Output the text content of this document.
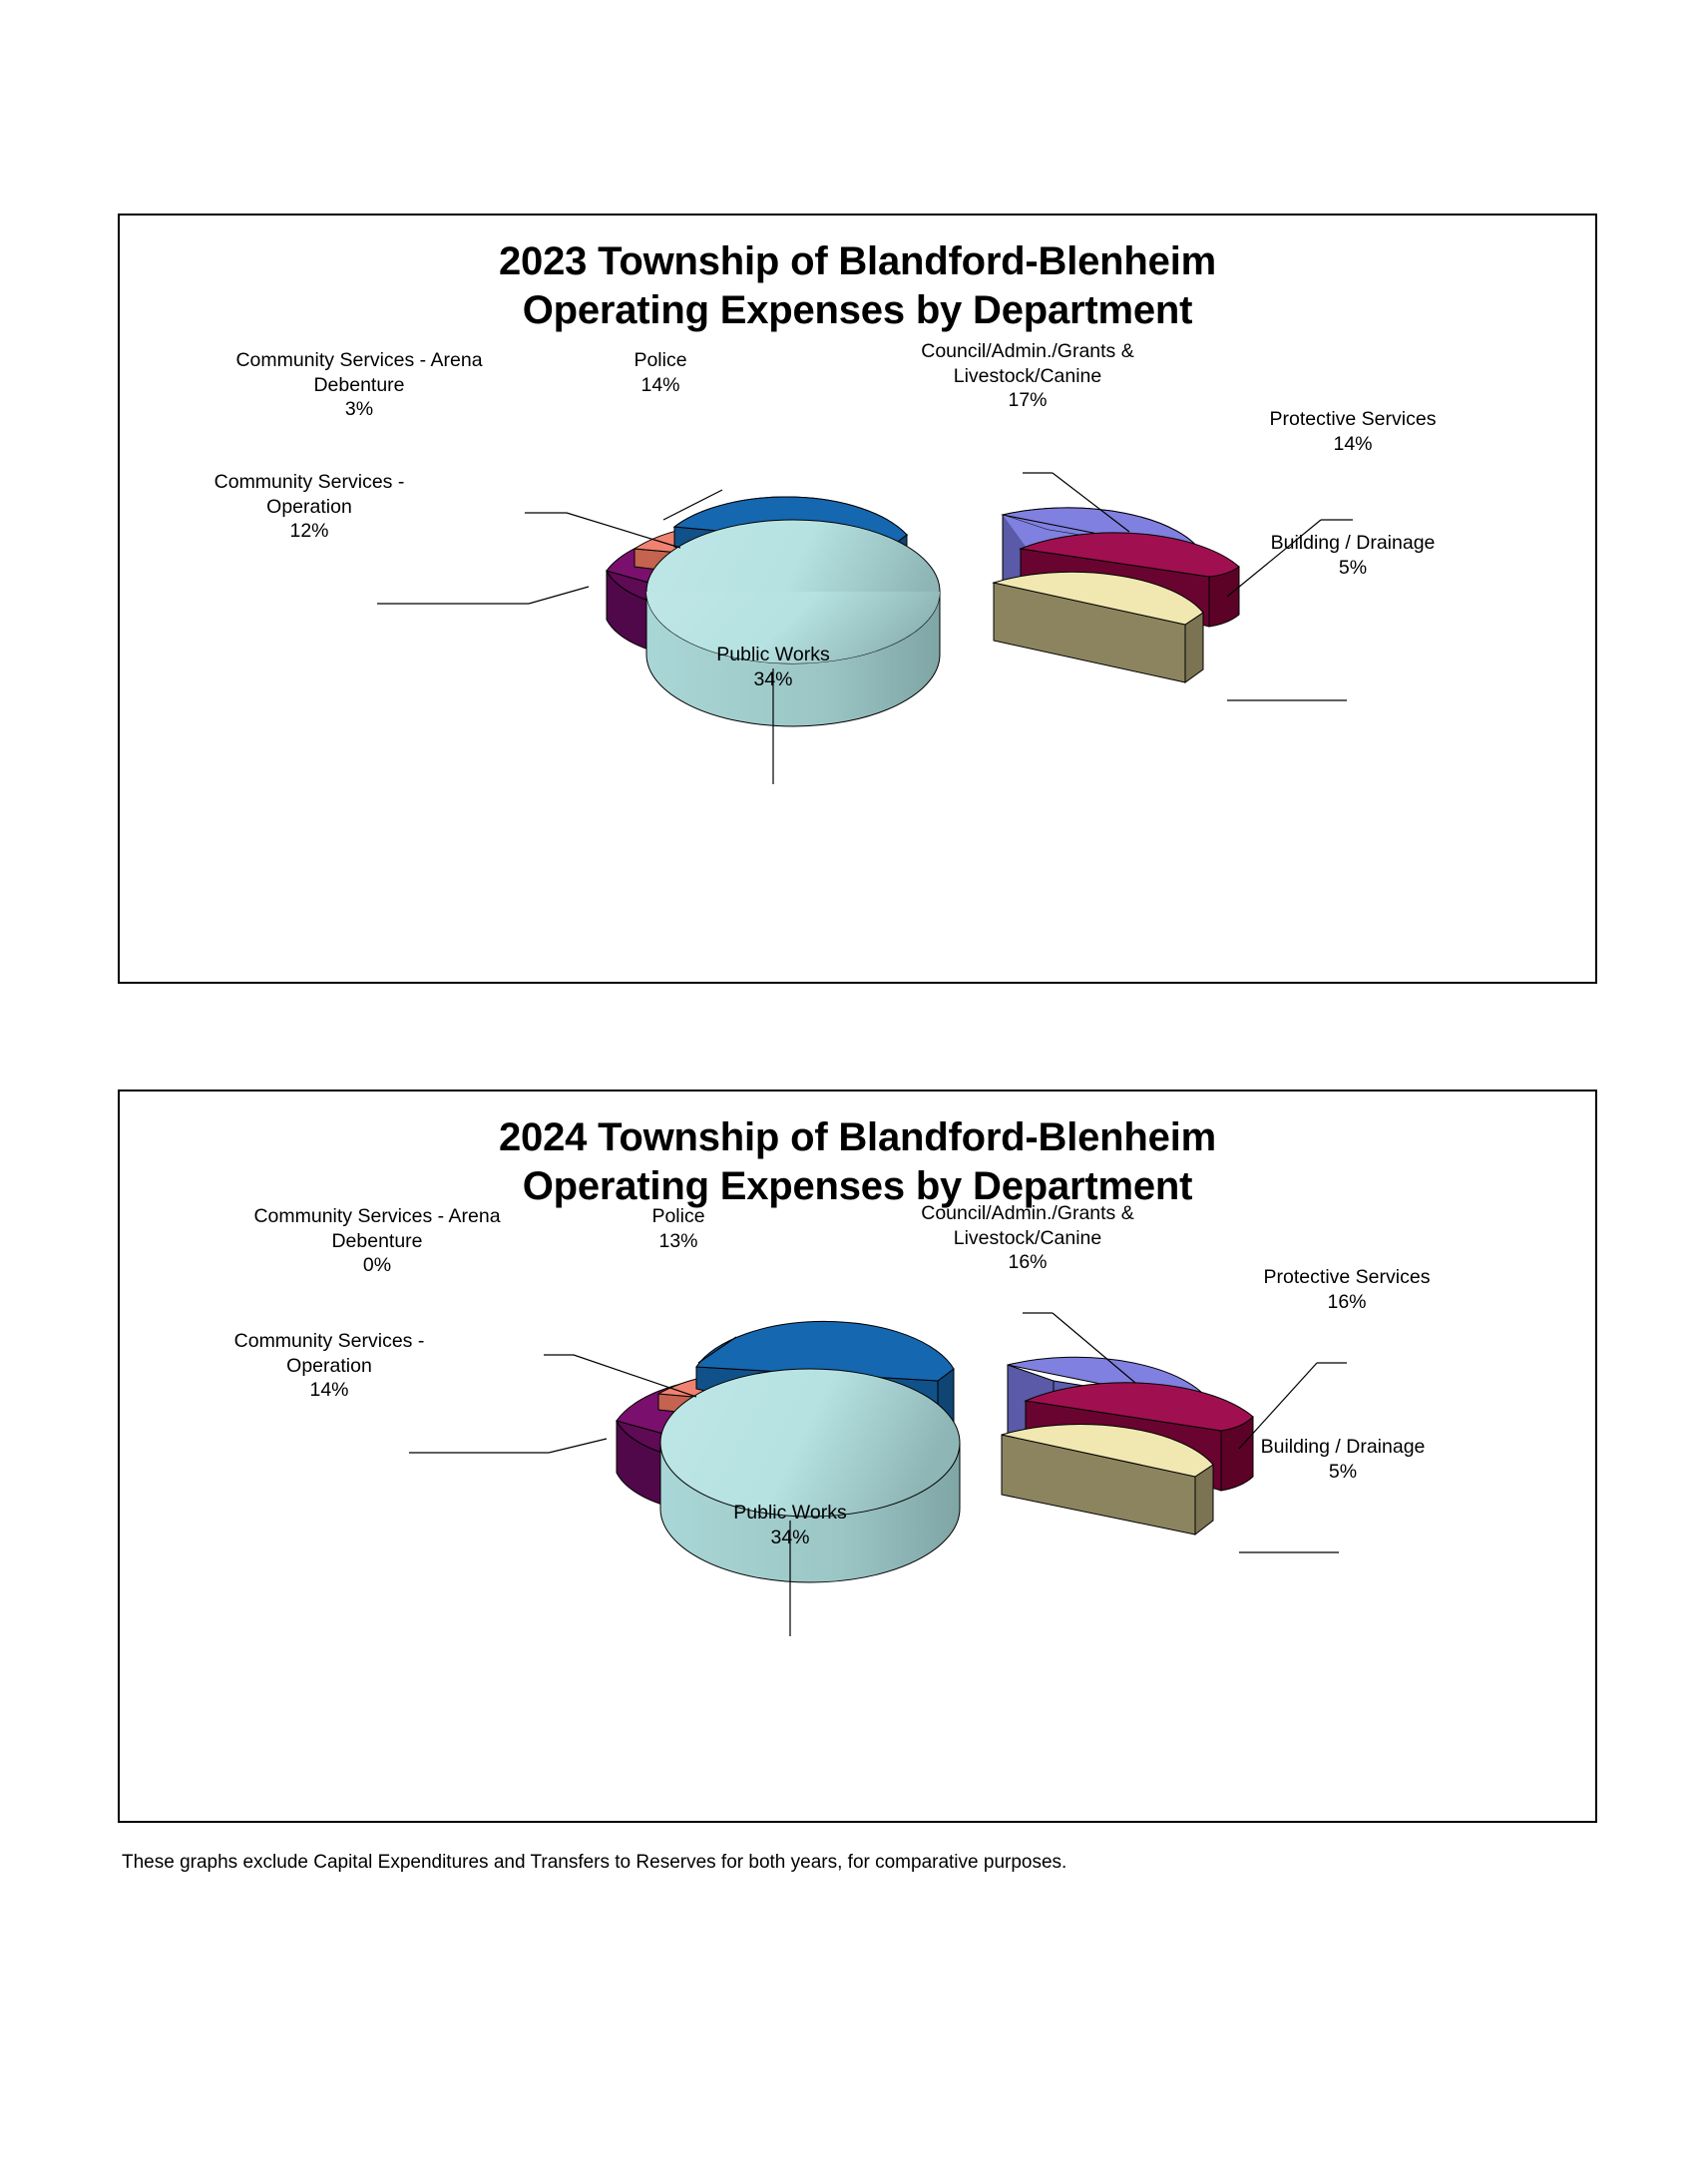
2023 Township of Blandford-Blenheim
Operating Expenses by Department
Community Services - Arena
Debenture
3%
Police
14%
Council/Admin./Grants &
Livestock/Canine
17%
Protective Services
14%
Building / Drainage
5%
Community Services -
Operation
12%
Public Works
34%
2024 Township of Blandford-Blenheim
Operating Expenses by Department
Community Services - Arena
Debenture
0%
Police
13%
Council/Admin./Grants &
Livestock/Canine
16%
Protective Services
16%
Building / Drainage
5%
Community Services -
Operation
14%
Public Works
34%
These graphs exclude Capital Expenditures and Transfers to Reserves for both years, for comparative purposes.
